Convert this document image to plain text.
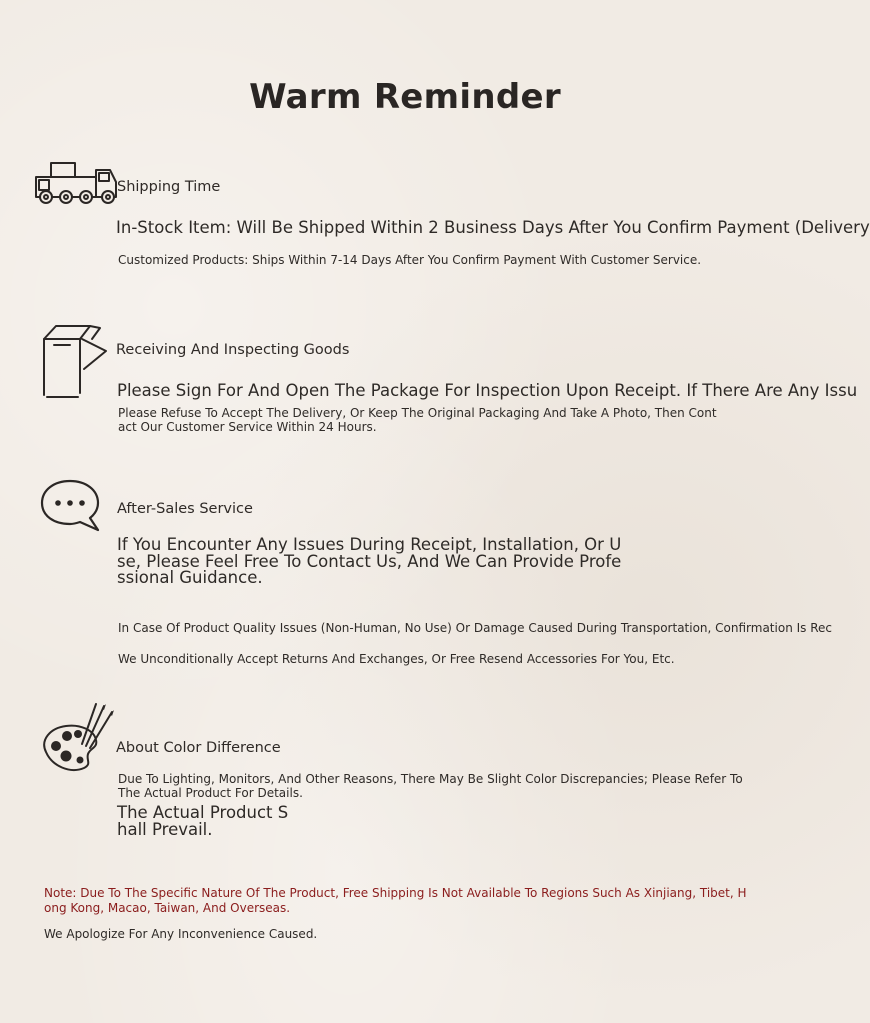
Warm Reminder
Shipping Time
In-Stock Item: Will Be Shipped Within 2 Business Days After You Confirm Payment (Delivery
Customized Products: Ships Within 7-14 Days After You Confirm Payment With Customer Service.
Receiving And Inspecting Goods
Please Sign For And Open The Package For Inspection Upon Receipt. If There Are Any Issu
Please Refuse To Accept The Delivery, Or Keep The Original Packaging And Take A Photo, Then Contact Our Customer Service Within 24 Hours.
After-Sales Service
If You Encounter Any Issues During Receipt, Installation, Or Use, Please Feel Free To Contact Us, And We Can Provide Professional Guidance.
In Case Of Product Quality Issues (Non-Human, No Use) Or Damage Caused During Transportation, Confirmation Is Rec
We Unconditionally Accept Returns And Exchanges, Or Free Resend Accessories For You, Etc.
About Color Difference
Due To Lighting, Monitors, And Other Reasons, There May Be Slight Color Discrepancies; Please Refer To The Actual Product For Details.
The Actual Product Shall Prevail.
Note: Due To The Specific Nature Of The Product, Free Shipping Is Not Available To Regions Such As Xinjiang, Tibet, Hong Kong, Macao, Taiwan, And Overseas.
We Apologize For Any Inconvenience Caused.
